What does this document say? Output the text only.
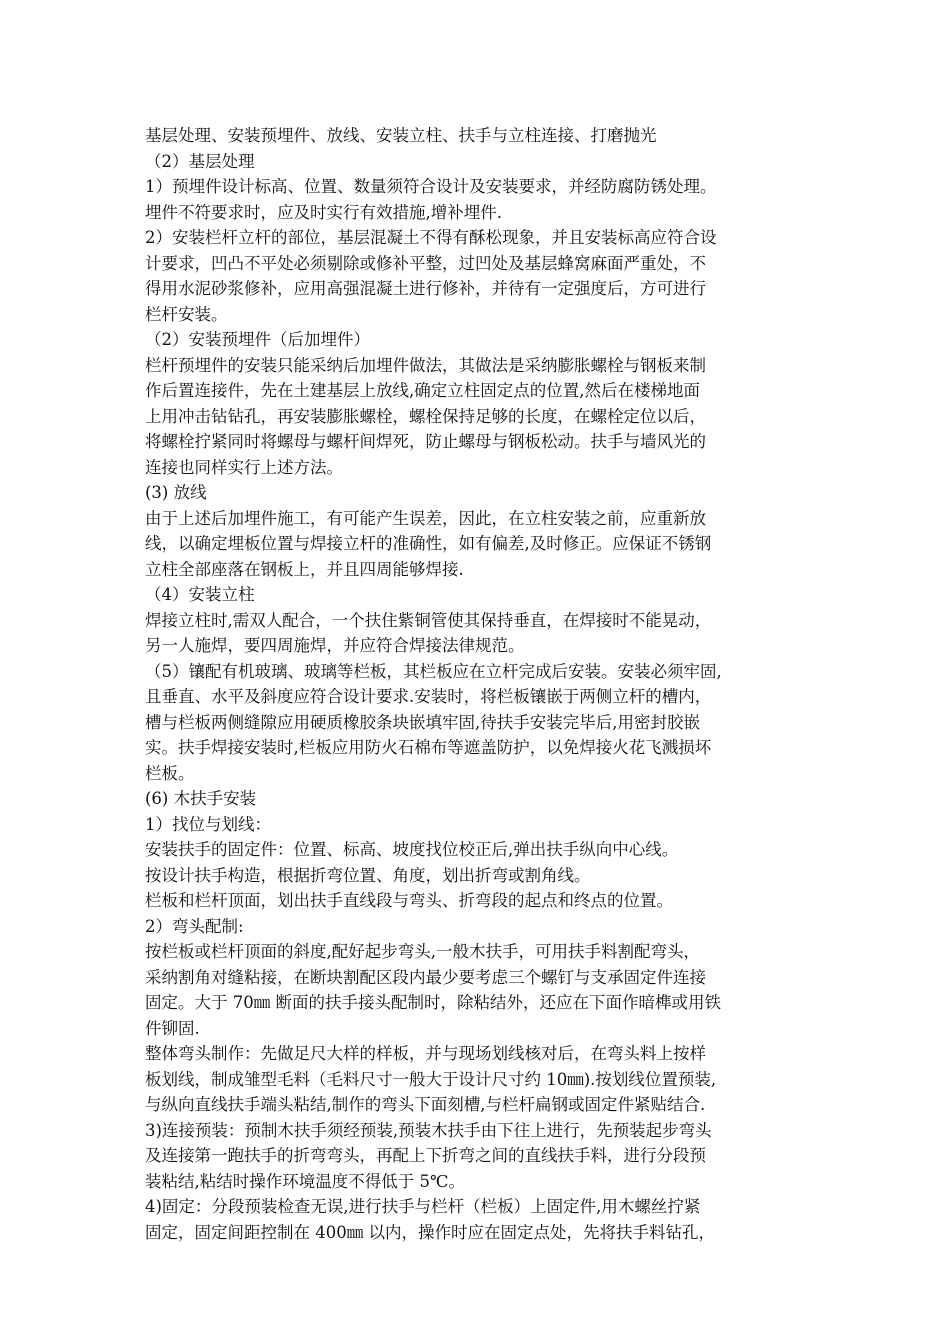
基层处理、安装预埋件、放线、安装立柱、扶手与立柱连接、打磨抛光
（2）基层处理
1）预埋件设计标高、位置、数量须符合设计及安装要求，并经防腐防锈处理。
埋件不符要求时，应及时实行有效措施,增补埋件.
2）安装栏杆立杆的部位，基层混凝土不得有酥松现象，并且安装标高应符合设
计要求，凹凸不平处必须剔除或修补平整，过凹处及基层蜂窝麻面严重处，不
得用水泥砂浆修补，应用高强混凝土进行修补，并待有一定强度后，方可进行
栏杆安装。
（2）安装预埋件（后加埋件）
栏杆预埋件的安装只能采纳后加埋件做法，其做法是采纳膨胀螺栓与钢板来制
作后置连接件，先在土建基层上放线,确定立柱固定点的位置,然后在楼梯地面
上用冲击钻钻孔，再安装膨胀螺栓，螺栓保持足够的长度，在螺栓定位以后，
将螺栓拧紧同时将螺母与螺杆间焊死，防止螺母与钢板松动。扶手与墙风光的
连接也同样实行上述方法。
(3) 放线
由于上述后加埋件施工，有可能产生误差，因此，在立柱安装之前，应重新放
线，以确定埋板位置与焊接立杆的准确性，如有偏差,及时修正。应保证不锈钢
立柱全部座落在钢板上，并且四周能够焊接.
（4）安装立柱
焊接立柱时,需双人配合，一个扶住紫铜管使其保持垂直，在焊接时不能晃动，
另一人施焊，要四周施焊，并应符合焊接法律规范。
（5）镶配有机玻璃、玻璃等栏板，其栏板应在立杆完成后安装。安装必须牢固,
且垂直、水平及斜度应符合设计要求.安装时，将栏板镶嵌于两侧立杆的槽内，
槽与栏板两侧缝隙应用硬质橡胶条块嵌填牢固,待扶手安装完毕后,用密封胶嵌
实。扶手焊接安装时,栏板应用防火石棉布等遮盖防护，以免焊接火花飞溅损坏
栏板。
(6) 木扶手安装
1）找位与划线：
安装扶手的固定件：位置、标高、坡度找位校正后,弹出扶手纵向中心线。
按设计扶手构造，根据折弯位置、角度，划出折弯或割角线。
栏板和栏杆顶面，划出扶手直线段与弯头、折弯段的起点和终点的位置。
2）弯头配制:
按栏板或栏杆顶面的斜度,配好起步弯头,一般木扶手，可用扶手料割配弯头，
采纳割角对缝粘接，在断块割配区段内最少要考虑三个螺钉与支承固定件连接
固定。大于 70㎜ 断面的扶手接头配制时，除粘结外，还应在下面作暗榫或用铁
件铆固.
整体弯头制作：先做足尺大样的样板，并与现场划线核对后，在弯头料上按样
板划线，制成雏型毛料（毛料尺寸一般大于设计尺寸约 10㎜).按划线位置预装,
与纵向直线扶手端头粘结,制作的弯头下面刻槽,与栏杆扁钢或固定件紧贴结合.
3)连接预装：预制木扶手须经预装,预装木扶手由下往上进行，先预装起步弯头
及连接第一跑扶手的折弯弯头，再配上下折弯之间的直线扶手料，进行分段预
装粘结,粘结时操作环境温度不得低于 5℃。
4)固定：分段预装检查无误,进行扶手与栏杆（栏板）上固定件,用木螺丝拧紧
固定，固定间距控制在 400㎜ 以内，操作时应在固定点处，先将扶手料钻孔，
